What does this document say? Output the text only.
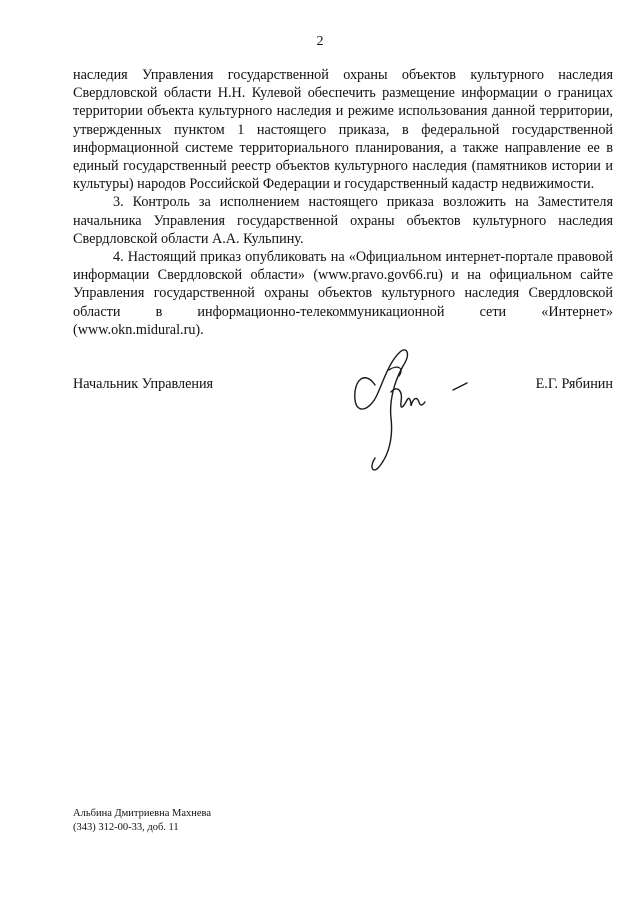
2

наследия Управления государственной охраны объектов культурного наследия Свердловской области Н.Н. Кулевой обеспечить размещение информации о границах территории объекта культурного наследия и режиме использования данной территории, утвержденных пунктом 1 настоящего приказа, в федеральной государственной информационной системе территориального планирования, а также направление ее в единый государственный реестр объектов культурного наследия (памятников истории и культуры) народов Российской Федерации и государственный кадастр недвижимости.

3. Контроль за исполнением настоящего приказа возложить на Заместителя начальника Управления государственной охраны объектов культурного наследия Свердловской области А.А. Кульпину.

4. Настоящий приказ опубликовать на «Официальном интернет-портале правовой информации Свердловской области» (www.pravo.gov66.ru) и на официальном сайте Управления государственной охраны объектов культурного наследия Свердловской области в информационно-телекоммуникационной сети «Интернет» (www.okn.midural.ru).

Начальник Управления	Е.Г. Рябинин
Альбина Дмитриевна Махнева
(343) 312-00-33, доб. 11
